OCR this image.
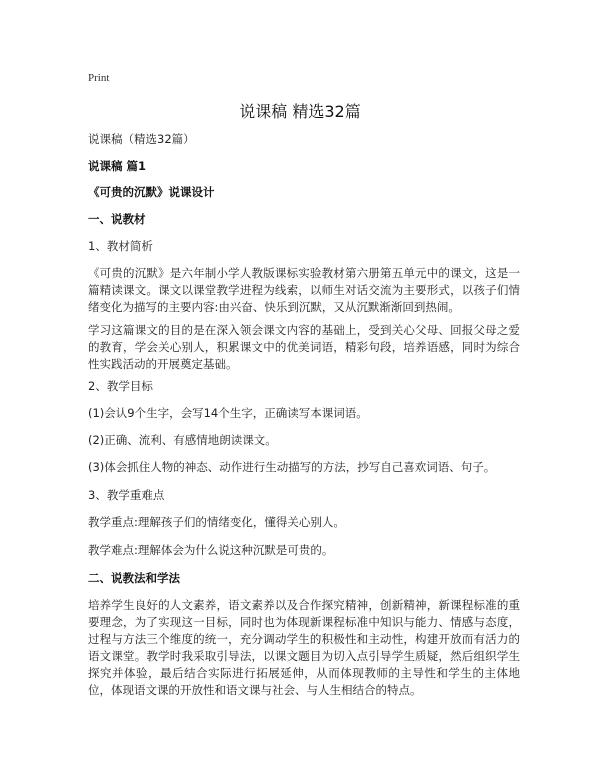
Print
说课稿 精选32篇
说课稿（精选32篇）
说课稿 篇1
《可贵的沉默》说课设计
一、说教材
1、教材简析
《可贵的沉默》是六年制小学人教版课标实验教材第六册第五单元中的课文，这是一篇精读课文。课文以课堂教学进程为线索，以师生对话交流为主要形式，以孩子们情绪变化为描写的主要内容:由兴奋、快乐到沉默，又从沉默渐渐回到热闹。
学习这篇课文的目的是在深入领会课文内容的基础上，受到关心父母、回报父母之爱的教育，学会关心别人，积累课文中的优美词语，精彩句段，培养语感，同时为综合性实践活动的开展奠定基础。
2、教学目标
(1)会认9个生字，会写14个生字，正确读写本课词语。
(2)正确、流利、有感情地朗读课文。
(3)体会抓住人物的神态、动作进行生动描写的方法，抄写自己喜欢词语、句子。
3、教学重难点
教学重点:理解孩子们的情绪变化，懂得关心别人。
教学难点:理解体会为什么说这种沉默是可贵的。
二、说教法和学法
培养学生良好的人文素养，语文素养以及合作探究精神，创新精神，新课程标准的重要理念，为了实现这一目标，同时也为体现新课程标准中知识与能力、情感与态度，过程与方法三个维度的统一，充分调动学生的积极性和主动性，构建开放而有活力的语文课堂。教学时我采取引导法，以课文题目为切入点引导学生质疑，然后组织学生探究并体验，最后结合实际进行拓展延伸，从而体现教师的主导性和学生的主体地位，体现语文课的开放性和语文课与社会、与人生相结合的特点。
